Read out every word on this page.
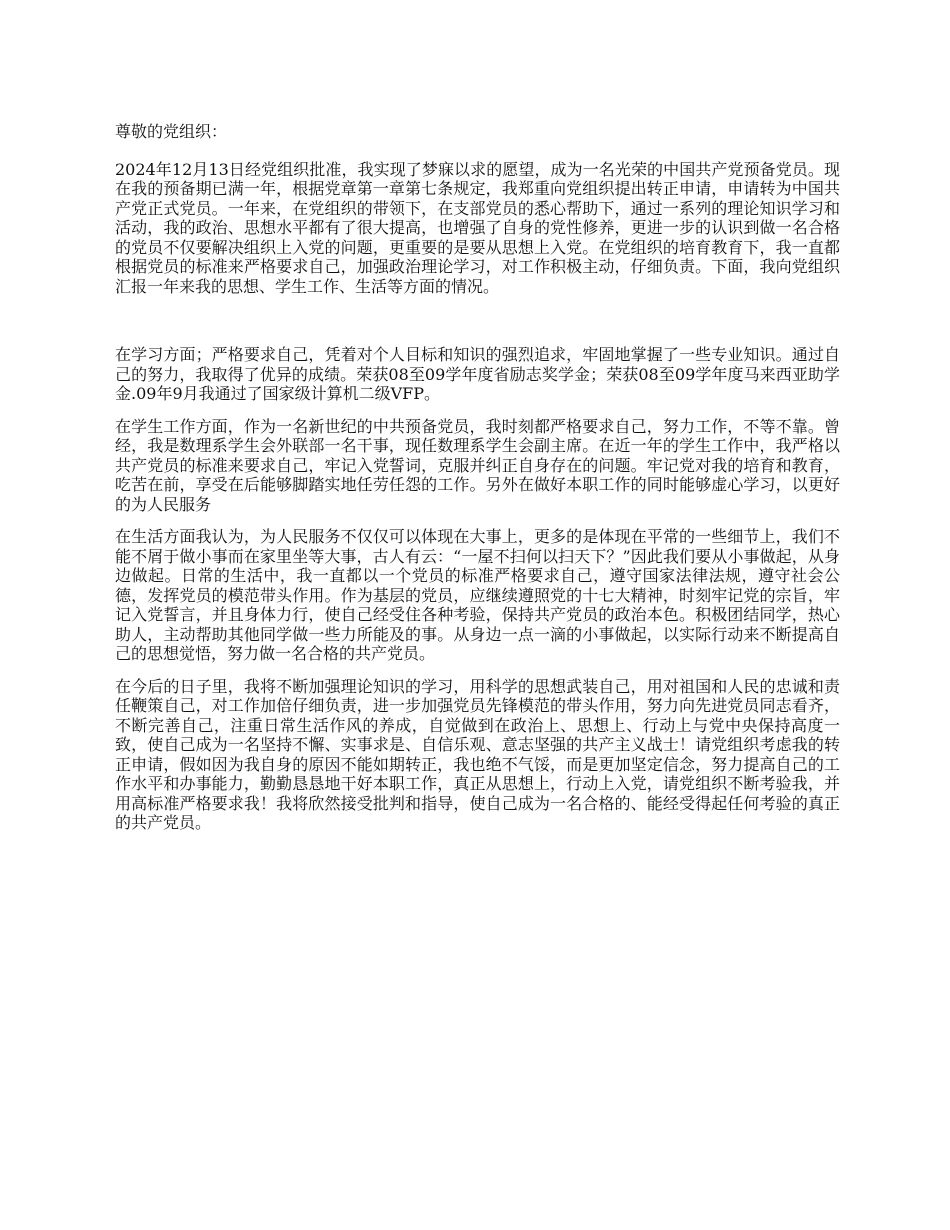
尊敬的党组织：

2024年12月13日经党组织批准，我实现了梦寐以求的愿望，成为一名光荣的中国共产党预备党员。现在我的预备期已满一年，根据党章第一章第七条规定，我郑重向党组织提出转正申请，申请转为中国共产党正式党员。一年来，在党组织的带领下，在支部党员的悉心帮助下，通过一系列的理论知识学习和活动，我的政治、思想水平都有了很大提高，也增强了自身的党性修养，更进一步的认识到做一名合格的党员不仅要解决组织上入党的问题，更重要的是要从思想上入党。在党组织的培育教育下，我一直都根据党员的标准来严格要求自己，加强政治理论学习，对工作积极主动，仔细负责。下面，我向党组织汇报一年来我的思想、学生工作、生活等方面的情况。

在学习方面；严格要求自己，凭着对个人目标和知识的强烈追求，牢固地掌握了一些专业知识。通过自己的努力，我取得了优异的成绩。荣获08至09学年度省励志奖学金；荣获08至09学年度马来西亚助学金.09年9月我通过了国家级计算机二级VFP。

在学生工作方面，作为一名新世纪的中共预备党员，我时刻都严格要求自己，努力工作，不等不靠。曾经，我是数理系学生会外联部一名干事，现任数理系学生会副主席。在近一年的学生工作中，我严格以共产党员的标准来要求自己，牢记入党誓词，克服并纠正自身存在的问题。牢记党对我的培育和教育，吃苦在前，享受在后能够脚踏实地任劳任怨的工作。另外在做好本职工作的同时能够虚心学习，以更好的为人民服务

在生活方面我认为，为人民服务不仅仅可以体现在大事上，更多的是体现在平常的一些细节上，我们不能不屑于做小事而在家里坐等大事，古人有云：“一屋不扫何以扫天下？”因此我们要从小事做起，从身边做起。日常的生活中，我一直都以一个党员的标准严格要求自己，遵守国家法律法规，遵守社会公德，发挥党员的模范带头作用。作为基层的党员，应继续遵照党的十七大精神，时刻牢记党的宗旨，牢记入党誓言，并且身体力行，使自己经受住各种考验，保持共产党员的政治本色。积极团结同学，热心助人，主动帮助其他同学做一些力所能及的事。从身边一点一滴的小事做起，以实际行动来不断提高自己的思想觉悟，努力做一名合格的共产党员。

在今后的日子里，我将不断加强理论知识的学习，用科学的思想武装自己，用对祖国和人民的忠诚和责任鞭策自己，对工作加倍仔细负责，进一步加强党员先锋模范的带头作用，努力向先进党员同志看齐，不断完善自己，注重日常生活作风的养成，自觉做到在政治上、思想上、行动上与党中央保持高度一致，使自己成为一名坚持不懈、实事求是、自信乐观、意志坚强的共产主义战士！请党组织考虑我的转正申请，假如因为我自身的原因不能如期转正，我也绝不气馁，而是更加坚定信念，努力提高自己的工作水平和办事能力，勤勤恳恳地干好本职工作，真正从思想上，行动上入党，请党组织不断考验我，并用高标准严格要求我！我将欣然接受批判和指导，使自己成为一名合格的、能经受得起任何考验的真正的共产党员。
